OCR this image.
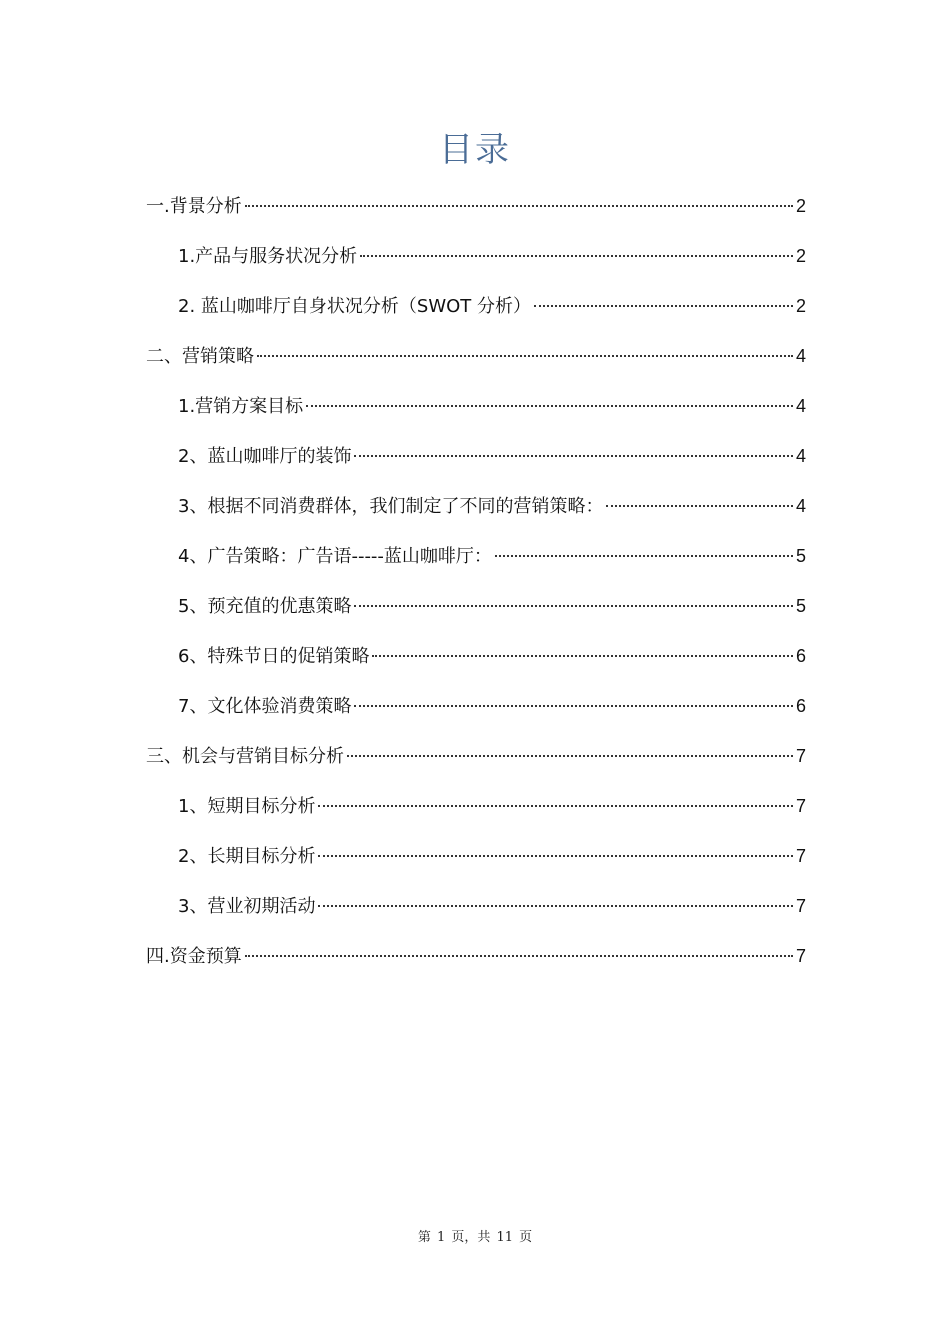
目录
一.背景分析	2
1.产品与服务状况分析	2
2. 蓝山咖啡厅自身状况分析（SWOT 分析）	2
二、营销策略	4
1.营销方案目标	4
2、蓝山咖啡厅的装饰	4
3、根据不同消费群体，我们制定了不同的营销策略：	4
4、广告策略：广告语-----蓝山咖啡厅：	5
5、预充值的优惠策略	5
6、特殊节日的促销策略	6
7、文化体验消费策略	6
三、机会与营销目标分析	7
1、短期目标分析	7
2、长期目标分析	7
3、营业初期活动	7
四.资金预算	7
第 1 页，共 11 页
